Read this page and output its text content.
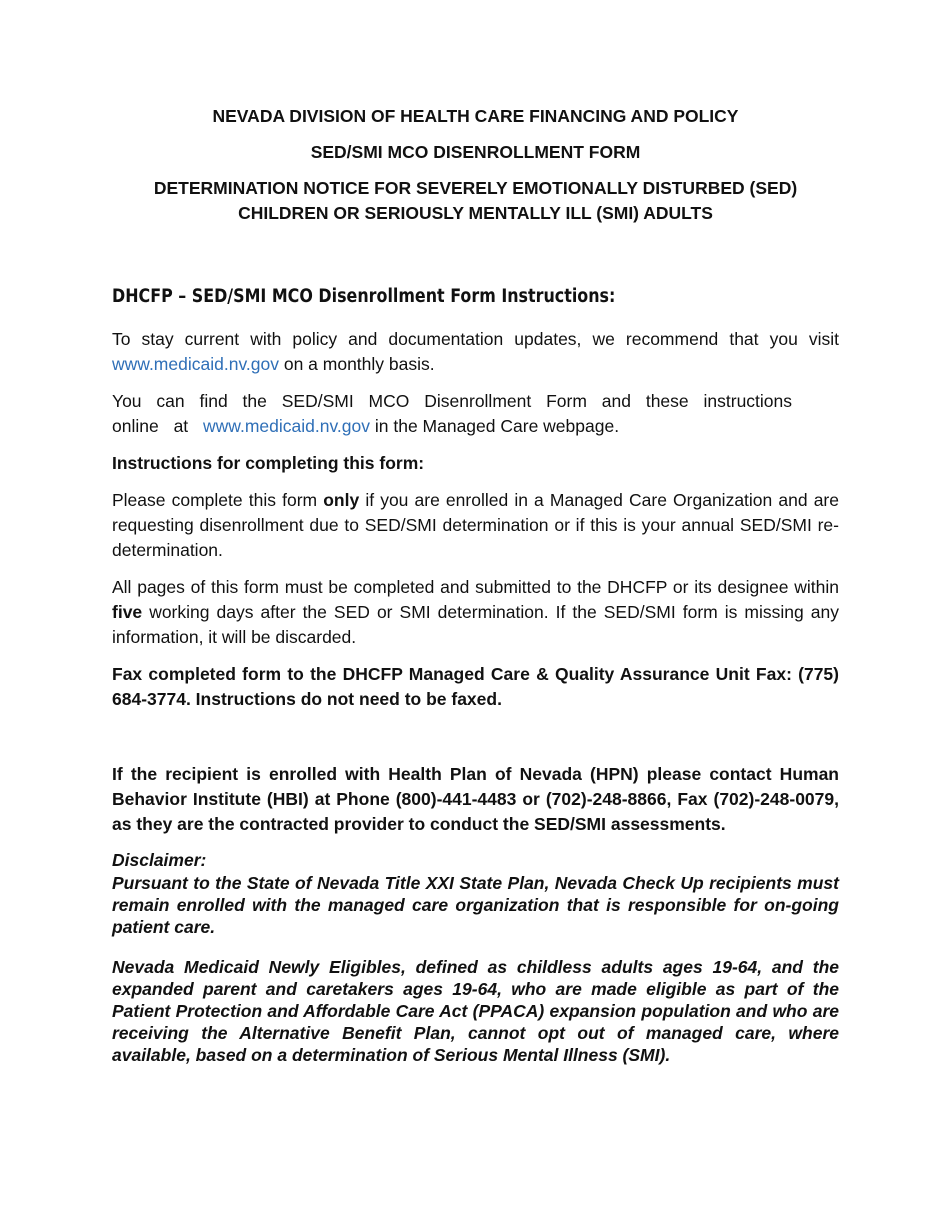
NEVADA DIVISION OF HEALTH CARE FINANCING AND POLICY
SED/SMI MCO DISENROLLMENT FORM
DETERMINATION NOTICE FOR SEVERELY EMOTIONALLY DISTURBED (SED)
CHILDREN OR SERIOUSLY MENTALLY ILL (SMI) ADULTS
DHCFP – SED/SMI MCO Disenrollment Form Instructions:

To stay current with policy and documentation updates, we recommend that you visit www.medicaid.nv.gov on a monthly basis.

You can find the SED/SMI MCO Disenrollment Form and these instructions online at www.medicaid.nv.gov in the Managed Care webpage.

Instructions for completing this form:

Please complete this form only if you are enrolled in a Managed Care Organization and are requesting disenrollment due to SED/SMI determination or if this is your annual SED/SMI re-determination.

All pages of this form must be completed and submitted to the DHCFP or its designee within five working days after the SED or SMI determination. If the SED/SMI form is missing any information, it will be discarded.

Fax completed form to the DHCFP Managed Care & Quality Assurance Unit Fax: (775) 684-3774. Instructions do not need to be faxed.

If the recipient is enrolled with Health Plan of Nevada (HPN) please contact Human Behavior Institute (HBI) at Phone (800)-441-4483 or (702)-248-8866, Fax (702)-248-0079, as they are the contracted provider to conduct the SED/SMI assessments.

Disclaimer:
Pursuant to the State of Nevada Title XXI State Plan, Nevada Check Up recipients must remain enrolled with the managed care organization that is responsible for on-going patient care.
Nevada Medicaid Newly Eligibles, defined as childless adults ages 19-64, and the expanded parent and caretakers ages 19-64, who are made eligible as part of the Patient Protection and Affordable Care Act (PPACA) expansion population and who are receiving the Alternative Benefit Plan, cannot opt out of managed care, where available, based on a determination of Serious Mental Illness (SMI).
